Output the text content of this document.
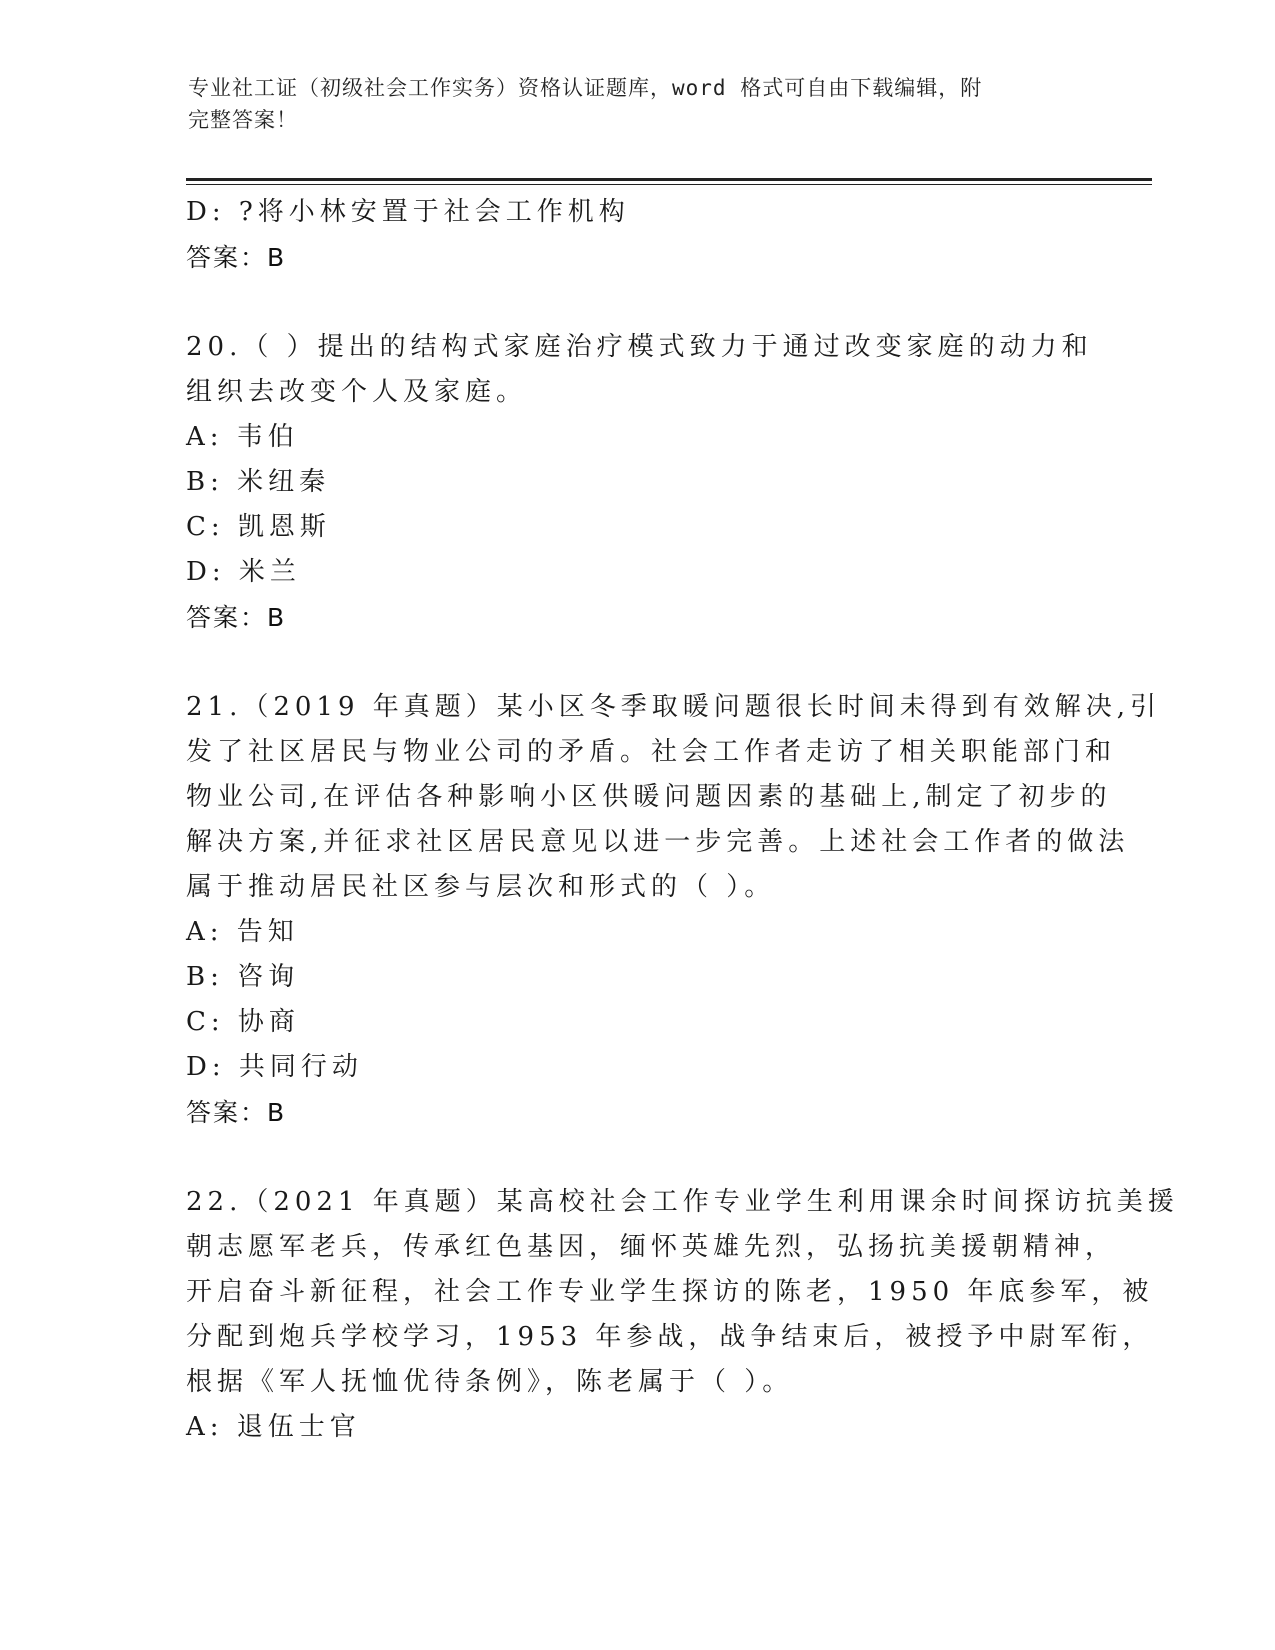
专业社工证（初级社会工作实务）资格认证题库，word 格式可自由下载编辑，附
完整答案！
D: ?将小林安置于社会工作机构
答案：B
20.（ ）提出的结构式家庭治疗模式致力于通过改变家庭的动力和
组织去改变个人及家庭。
A: 韦伯
B: 米纽秦
C: 凯恩斯
D: 米兰
答案：B
21.（2019 年真题）某小区冬季取暖问题很长时间未得到有效解决,引
发了社区居民与物业公司的矛盾。社会工作者走访了相关职能部门和
物业公司,在评估各种影响小区供暖问题因素的基础上,制定了初步的
解决方案,并征求社区居民意见以进一步完善。上述社会工作者的做法
属于推动居民社区参与层次和形式的（ ）。
A: 告知
B: 咨询
C: 协商
D: 共同行动
答案：B
22.（2021 年真题）某高校社会工作专业学生利用课余时间探访抗美援
朝志愿军老兵，传承红色基因，缅怀英雄先烈，弘扬抗美援朝精神，
开启奋斗新征程，社会工作专业学生探访的陈老，1950 年底参军，被
分配到炮兵学校学习，1953 年参战，战争结束后，被授予中尉军衔，
根据《军人抚恤优待条例》，陈老属于（ ）。
A: 退伍士官
